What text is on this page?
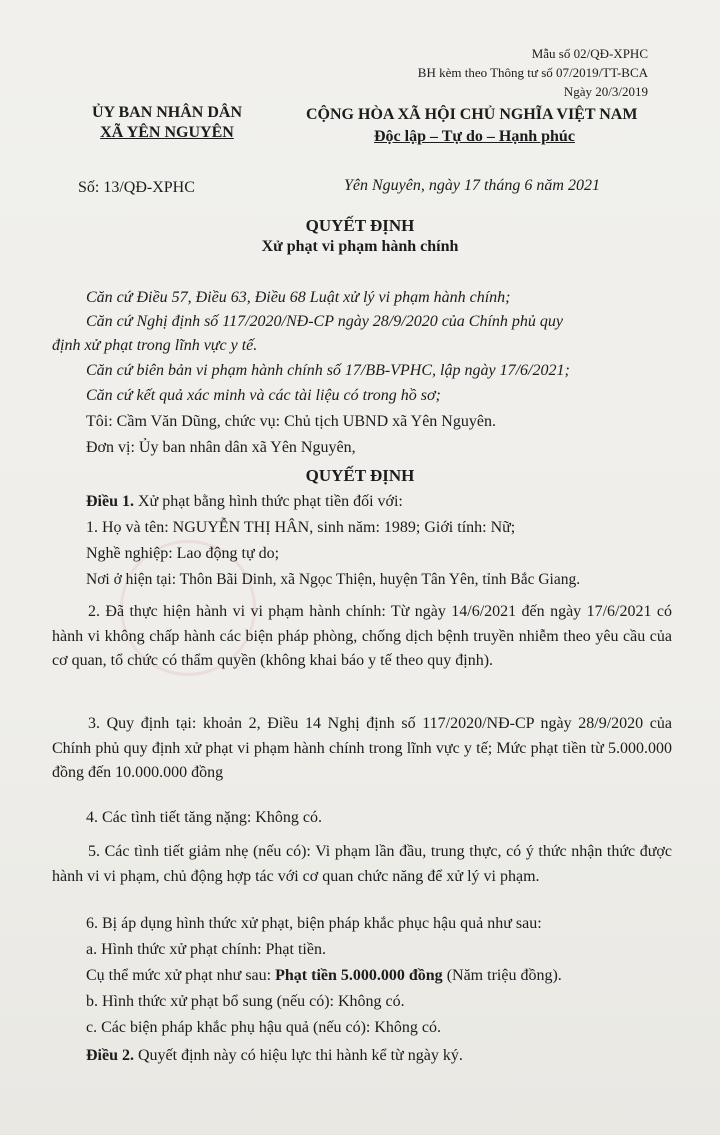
Mẫu số 02/QĐ-XPHC
BH kèm theo Thông tư số 07/2019/TT-BCA
Ngày 20/3/2019
ỦY BAN NHÂN DÂN
XÃ YÊN NGUYÊN
Số: 13/QĐ-XPHC
CỘNG HÒA XÃ HỘI CHỦ NGHĨA VIỆT NAM
Độc lập – Tự do – Hạnh phúc
Yên Nguyên, ngày 17 tháng 6 năm 2021
QUYẾT ĐỊNH
Xử phạt vi phạm hành chính
Căn cứ Điều 57, Điều 63, Điều 68 Luật xử lý vi phạm hành chính;
Căn cứ Nghị định số 117/2020/NĐ-CP ngày 28/9/2020 của Chính phủ quy
định xử phạt trong lĩnh vực y tế.
Căn cứ biên bản vi phạm hành chính số 17/BB-VPHC, lập ngày 17/6/2021;
Căn cứ kết quả xác minh và các tài liệu có trong hồ sơ;
Tôi: Cầm Văn Dũng, chức vụ: Chủ tịch UBND xã Yên Nguyên.
Đơn vị: Ủy ban nhân dân xã Yên Nguyên,
QUYẾT ĐỊNH
Điều 1. Xử phạt bằng hình thức phạt tiền đối với:
1. Họ và tên: NGUYỄN THỊ HÂN, sinh năm: 1989; Giới tính: Nữ;
Nghề nghiệp: Lao động tự do;
Nơi ở hiện tại: Thôn Bãi Dinh, xã Ngọc Thiện, huyện Tân Yên, tỉnh Bắc Giang.
2. Đã thực hiện hành vi vi phạm hành chính: Từ ngày 14/6/2021 đến ngày 17/6/2021 có hành vi không chấp hành các biện pháp phòng, chống dịch bệnh truyền nhiễm theo yêu cầu của cơ quan, tổ chức có thẩm quyền (không khai báo y tế theo quy định).
3. Quy định tại: khoản 2, Điều 14 Nghị định số 117/2020/NĐ-CP ngày 28/9/2020 của Chính phủ quy định xử phạt vi phạm hành chính trong lĩnh vực y tế; Mức phạt tiền từ 5.000.000 đồng đến 10.000.000 đồng
4. Các tình tiết tăng nặng: Không có.
5. Các tình tiết giảm nhẹ (nếu có): Vi phạm lần đầu, trung thực, có ý thức nhận thức được hành vi vi phạm, chủ động hợp tác với cơ quan chức năng để xử lý vi phạm.
6. Bị áp dụng hình thức xử phạt, biện pháp khắc phục hậu quả như sau:
a. Hình thức xử phạt chính: Phạt tiền.
Cụ thể mức xử phạt như sau: Phạt tiền 5.000.000 đồng (Năm triệu đồng).
b. Hình thức xử phạt bổ sung (nếu có): Không có.
c. Các biện pháp khắc phụ hậu quả (nếu có): Không có.
Điều 2. Quyết định này có hiệu lực thi hành kể từ ngày ký.
